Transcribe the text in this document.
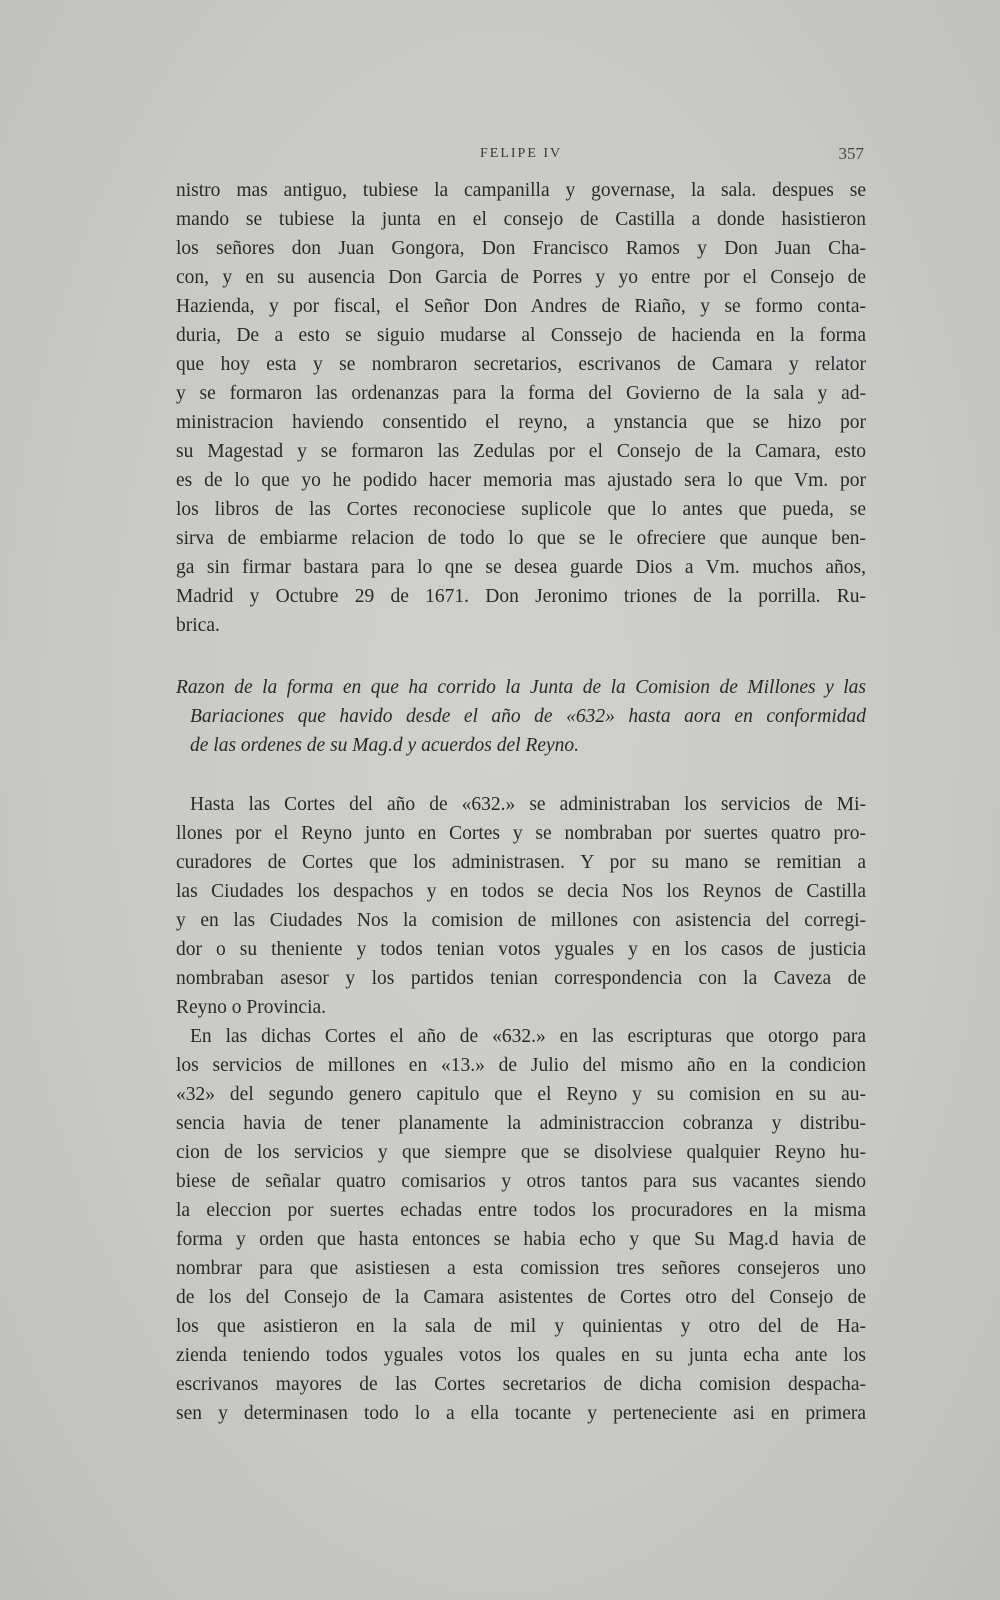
FELIPE IV	357
nistro mas antiguo, tubiese la campanilla y governase, la sala. despues se
mando se tubiese la junta en el consejo de Castilla a donde hasistieron
los señores don Juan Gongora, Don Francisco Ramos y Don Juan Cha-
con, y en su ausencia Don Garcia de Porres y yo entre por el Consejo de
Hazienda, y por fiscal, el Señor Don Andres de Riaño, y se formo conta-
duria, De a esto se siguio mudarse al Conssejo de hacienda en la forma
que hoy esta y se nombraron secretarios, escrivanos de Camara y relator
y se formaron las ordenanzas para la forma del Govierno de la sala y ad-
ministracion haviendo consentido el reyno, a ynstancia que se hizo por
su Magestad y se formaron las Zedulas por el Consejo de la Camara, esto
es de lo que yo he podido hacer memoria mas ajustado sera lo que Vm. por
los libros de las Cortes reconociese suplicole que lo antes que pueda, se
sirva de embiarme relacion de todo lo que se le ofreciere que aunque ben-
ga sin firmar bastara para lo qne se desea guarde Dios a Vm. muchos años,
Madrid y Octubre 29 de 1671. Don Jeronimo triones de la porrilla. Ru-
brica.
Razon de la forma en que ha corrido la Junta de la Comision de Millones y las
Bariaciones que havido desde el año de «632» hasta aora en conformidad
de las ordenes de su Mag.d y acuerdos del Reyno.
Hasta las Cortes del año de «632.» se administraban los servicios de Mi-
llones por el Reyno junto en Cortes y se nombraban por suertes quatro pro-
curadores de Cortes que los administrasen. Y por su mano se remitian a
las Ciudades los despachos y en todos se decia Nos los Reynos de Castilla
y en las Ciudades Nos la comision de millones con asistencia del corregi-
dor o su theniente y todos tenian votos yguales y en los casos de justicia
nombraban asesor y los partidos tenian correspondencia con la Caveza de
Reyno o Provincia.
En las dichas Cortes el año de «632.» en las escripturas que otorgo para
los servicios de millones en «13.» de Julio del mismo año en la condicion
«32» del segundo genero capitulo que el Reyno y su comision en su au-
sencia havia de tener planamente la administraccion cobranza y distribu-
cion de los servicios y que siempre que se disolviese qualquier Reyno hu-
biese de señalar quatro comisarios y otros tantos para sus vacantes siendo
la eleccion por suertes echadas entre todos los procuradores en la misma
forma y orden que hasta entonces se habia echo y que Su Mag.d havia de
nombrar para que asistiesen a esta comission tres señores consejeros uno
de los del Consejo de la Camara asistentes de Cortes otro del Consejo de
los que asistieron en la sala de mil y quinientas y otro del de Ha-
zienda teniendo todos yguales votos los quales en su junta echa ante los
escrivanos mayores de las Cortes secretarios de dicha comision despacha-
sen y determinasen todo lo a ella tocante y perteneciente asi en primera
